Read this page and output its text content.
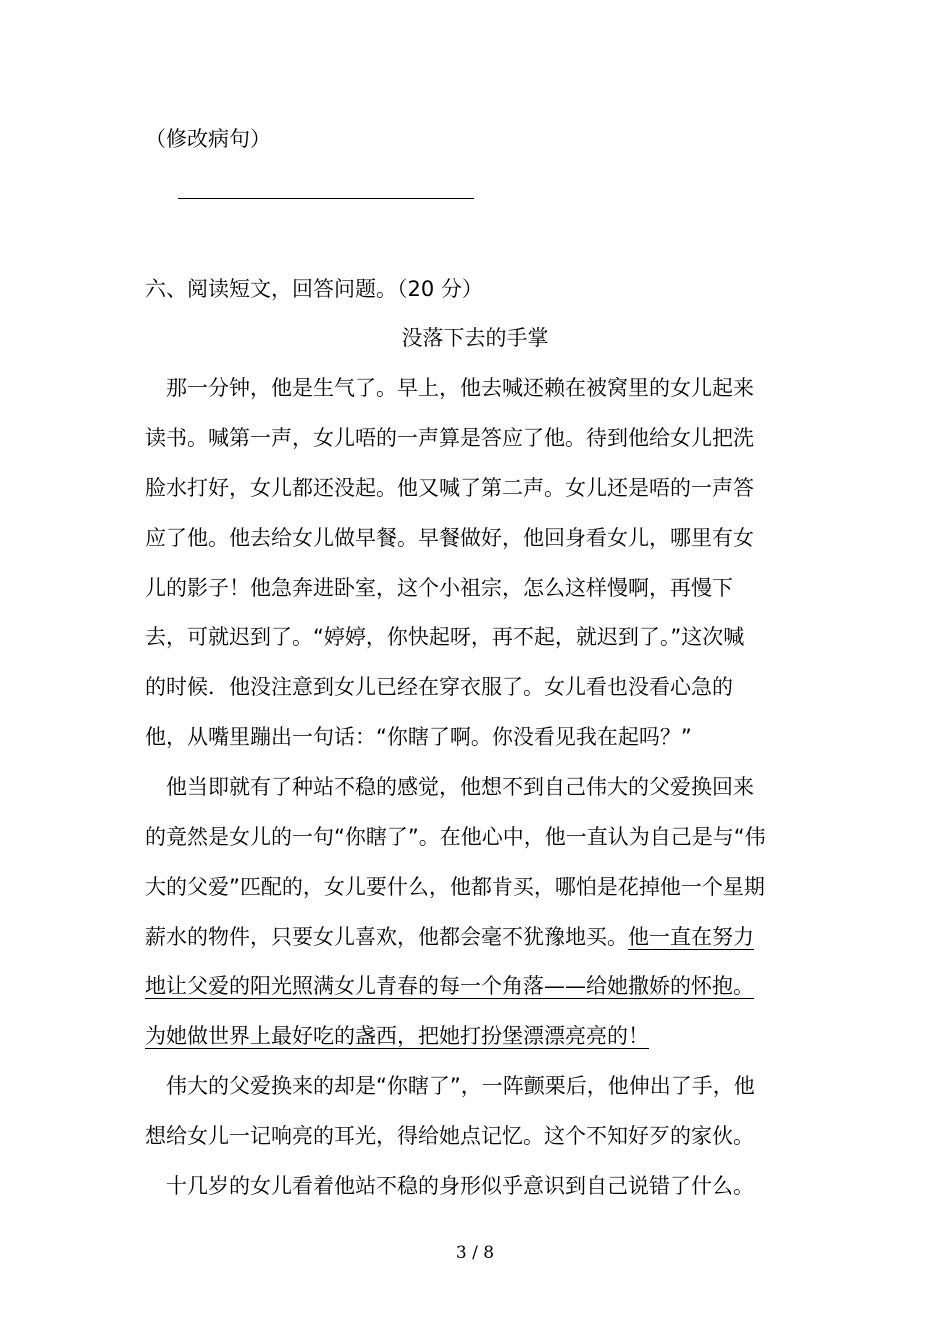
（修改病句）
六、阅读短文，回答问题。（20 分）
没落下去的手掌
　那一分钟，他是生气了。早上，他去喊还赖在被窝里的女儿起来
读书。喊第一声，女儿唔的一声算是答应了他。待到他给女儿把洗
脸水打好，女儿都还没起。他又喊了第二声。女儿还是唔的一声答
应了他。他去给女儿做早餐。早餐做好，他回身看女儿，哪里有女
儿的影子！他急奔进卧室，这个小祖宗，怎么这样慢啊，再慢下
去，可就迟到了。“婷婷，你快起呀，再不起，就迟到了。”这次喊
的时候．他没注意到女儿已经在穿衣服了。女儿看也没看心急的
他，从嘴里蹦出一句话：“你瞎了啊。你没看见我在起吗？”
　他当即就有了种站不稳的感觉，他想不到自己伟大的父爱换回来
的竟然是女儿的一句“你瞎了”。在他心中，他一直认为自己是与“伟
大的父爱”匹配的，女儿要什么，他都肯买，哪怕是花掉他一个星期
薪水的物件，只要女儿喜欢，他都会毫不犹豫地买。他一直在努力
地让父爱的阳光照满女儿青春的每一个角落——给她撒娇的怀抱。
为她做世界上最好吃的盏西，把她打扮堡漂漂亮亮的！
　伟大的父爱换来的却是“你瞎了”，一阵颤栗后，他伸出了手，他
想给女儿一记响亮的耳光，得给她点记忆。这个不知好歹的家伙。
　十几岁的女儿看着他站不稳的身形似乎意识到自己说错了什么。
3 / 8
